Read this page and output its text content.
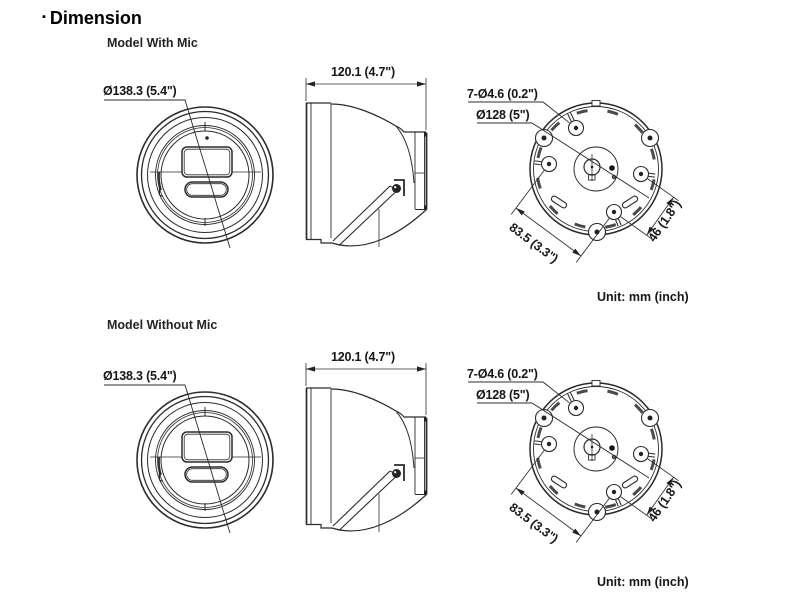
▪ Dimension
Model With Mic
Ø138.3 (5.4")
120.1 (4.7")
7-Ø4.6 (0.2")
Ø128 (5")
83.5 (3.3")	46 (1.8")
Unit: mm (inch)
Model Without Mic
Ø138.3 (5.4")
120.1 (4.7")
7-Ø4.6 (0.2")
Ø128 (5")
83.5 (3.3")	46 (1.8")
Unit: mm (inch)
